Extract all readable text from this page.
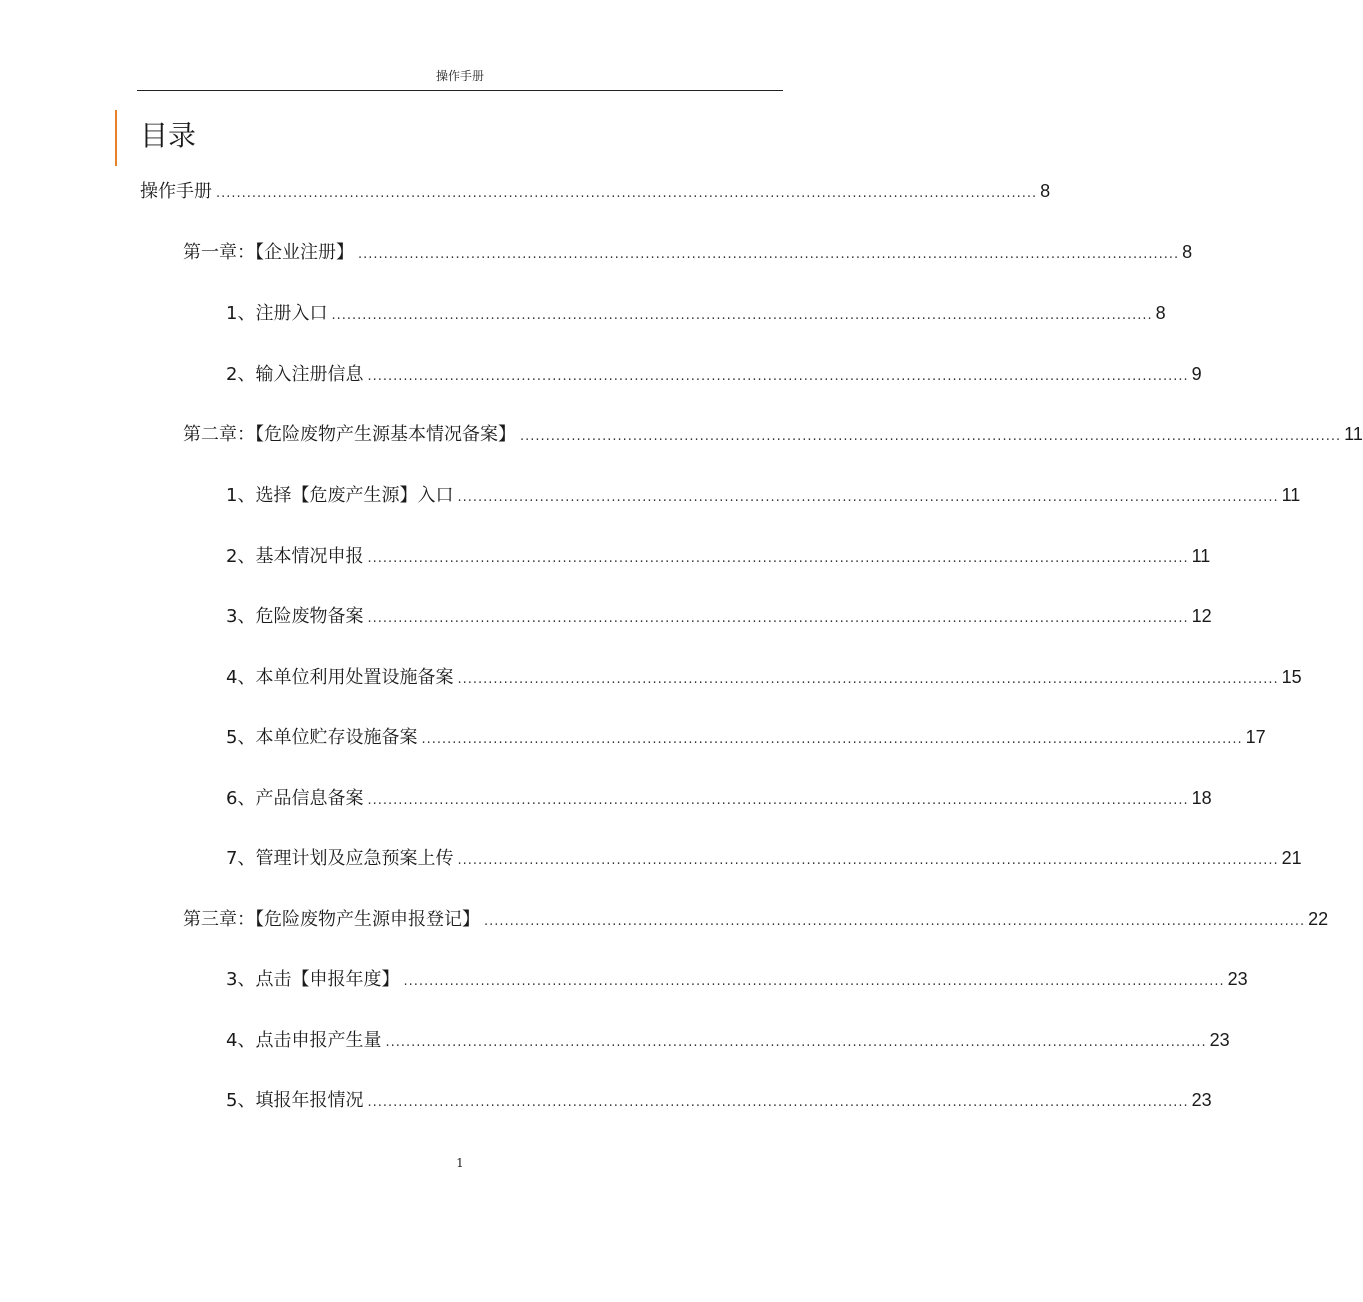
操作手册
目录
操作手册 ................................................................................................................................................................ 8
第一章：【企业注册】 ................................................................................................................................................................ 8
1、注册入口 ................................................................................................................................................................ 8
2、输入注册信息 ................................................................................................................................................................ 9
第二章：【危险废物产生源基本情况备案】 ................................................................................................................................................................ 11
1、选择【危废产生源】入口 ................................................................................................................................................................ 11
2、基本情况申报 ................................................................................................................................................................ 11
3、危险废物备案 ................................................................................................................................................................ 12
4、本单位利用处置设施备案 ................................................................................................................................................................ 15
5、本单位贮存设施备案 ................................................................................................................................................................ 17
6、产品信息备案 ................................................................................................................................................................ 18
7、管理计划及应急预案上传 ................................................................................................................................................................ 21
第三章：【危险废物产生源申报登记】 ................................................................................................................................................................ 22
3、点击【申报年度】 ................................................................................................................................................................ 23
4、点击申报产生量 ................................................................................................................................................................ 23
5、填报年报情况 ................................................................................................................................................................ 23
1
